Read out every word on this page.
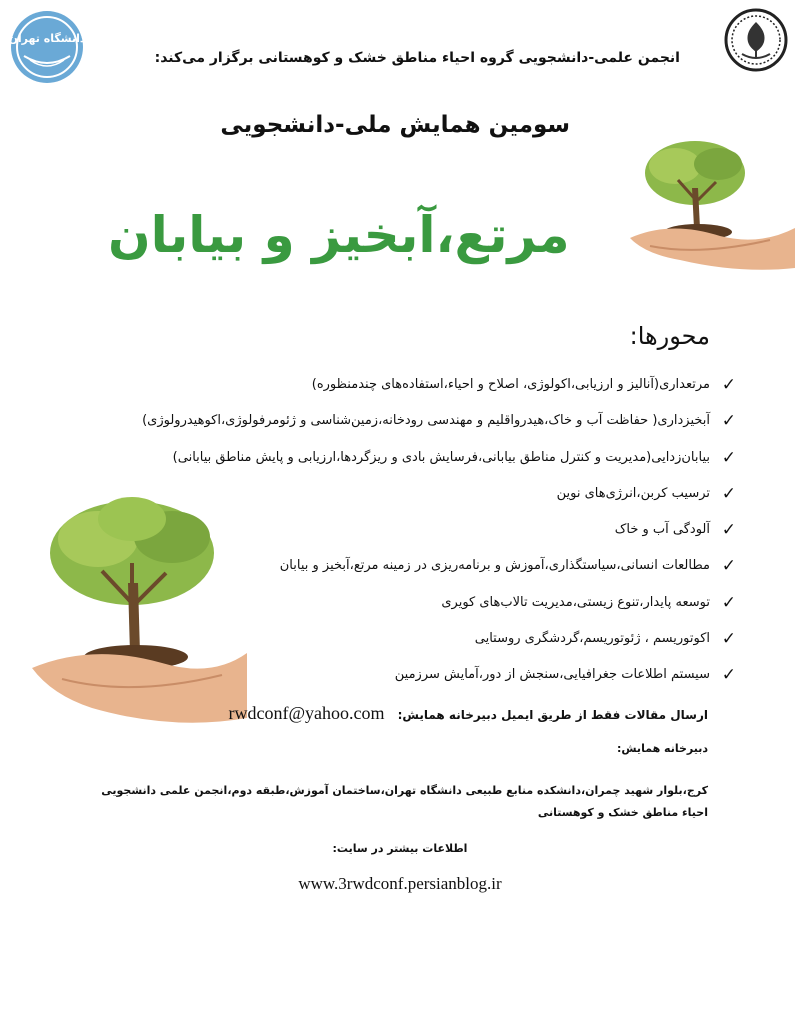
دانشگاه تهران
انجمن علمی-دانشجویی گروه احیاء مناطق خشک و کوهستانی برگزار می‌کند:
سومین همایش ملی-دانشجویی
مرتع،آبخیز و بیابان
محورها:
✓
مرتعداری(آنالیز و ارزیابی،اکولوژی، اصلاح و احیاء،استفاده‌های چندمنظوره)
✓
آبخیزداری( حفاظت آب و خاک،هیدرواقلیم و مهندسی رودخانه،زمین‌شناسی و ژئومرفولوژی،اکوهیدرولوژی)
✓
بیابان‌زدایی(مدیریت و کنترل مناطق بیابانی،فرسایش بادی و ریزگردها،ارزیابی و پایش مناطق بیابانی)
✓
ترسیب کربن،انرژی‌های نوین
✓
آلودگی آب و خاک
✓
مطالعات انسانی،سیاستگذاری،آموزش و برنامه‌ریزی در زمینه مرتع،آبخیز و بیابان
✓
توسعه پایدار،تنوع زیستی،مدیریت تالاب‌های کویری
✓
اکوتوریسم ، ژئوتوریسم،گردشگری روستایی
✓
سیستم اطلاعات جغرافیایی،سنجش از دور،آمایش سرزمین
ارسال مقالات فقط از طریق ایمیل دبیرخانه همایش: rwdconf@yahoo.com
دبیرخانه همایش:
کرج،بلوار شهید چمران،دانشکده منابع طبیعی دانشگاه تهران،ساختمان آموزش،طبقه دوم،انجمن علمی دانشجویی احیاء مناطق خشک و کوهستانی
اطلاعات بیشتر در سایت:
www.3rwdconf.persianblog.ir
